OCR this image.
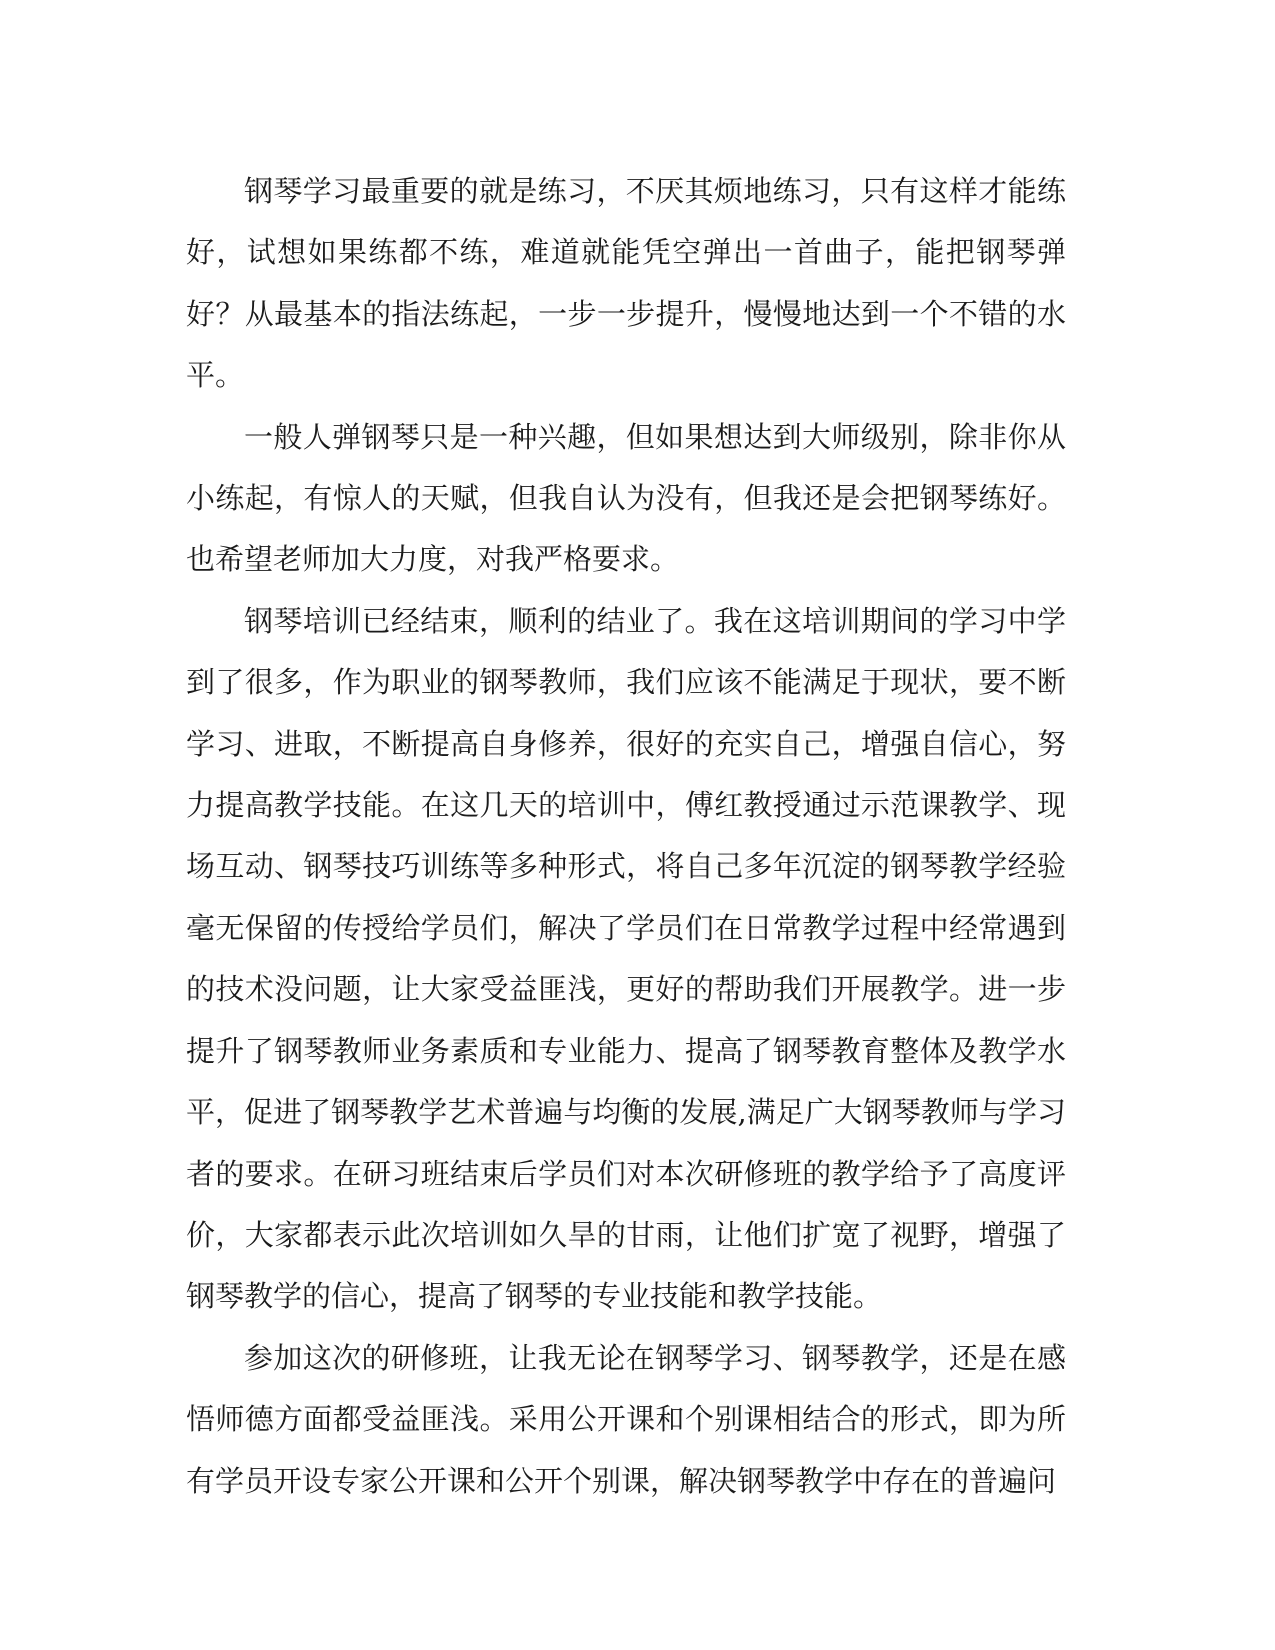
钢琴学习最重要的就是练习，不厌其烦地练习，只有这样才能练好，试想如果练都不练，难道就能凭空弹出一首曲子，能把钢琴弹好？从最基本的指法练起，一步一步提升，慢慢地达到一个不错的水平。

一般人弹钢琴只是一种兴趣，但如果想达到大师级别，除非你从小练起，有惊人的天赋，但我自认为没有，但我还是会把钢琴练好。也希望老师加大力度，对我严格要求。

钢琴培训已经结束，顺利的结业了。我在这培训期间的学习中学到了很多，作为职业的钢琴教师，我们应该不能满足于现状，要不断学习、进取，不断提高自身修养，很好的充实自己，增强自信心，努力提高教学技能。在这几天的培训中，傅红教授通过示范课教学、现场互动、钢琴技巧训练等多种形式，将自己多年沉淀的钢琴教学经验毫无保留的传授给学员们，解决了学员们在日常教学过程中经常遇到的技术没问题，让大家受益匪浅，更好的帮助我们开展教学。进一步提升了钢琴教师业务素质和专业能力、提高了钢琴教育整体及教学水平，促进了钢琴教学艺术普遍与均衡的发展,满足广大钢琴教师与学习者的要求。在研习班结束后学员们对本次研修班的教学给予了高度评价，大家都表示此次培训如久旱的甘雨，让他们扩宽了视野，增强了钢琴教学的信心，提高了钢琴的专业技能和教学技能。

参加这次的研修班，让我无论在钢琴学习、钢琴教学，还是在感悟师德方面都受益匪浅。采用公开课和个别课相结合的形式，即为所有学员开设专家公开课和公开个别课，解决钢琴教学中存在的普遍问
